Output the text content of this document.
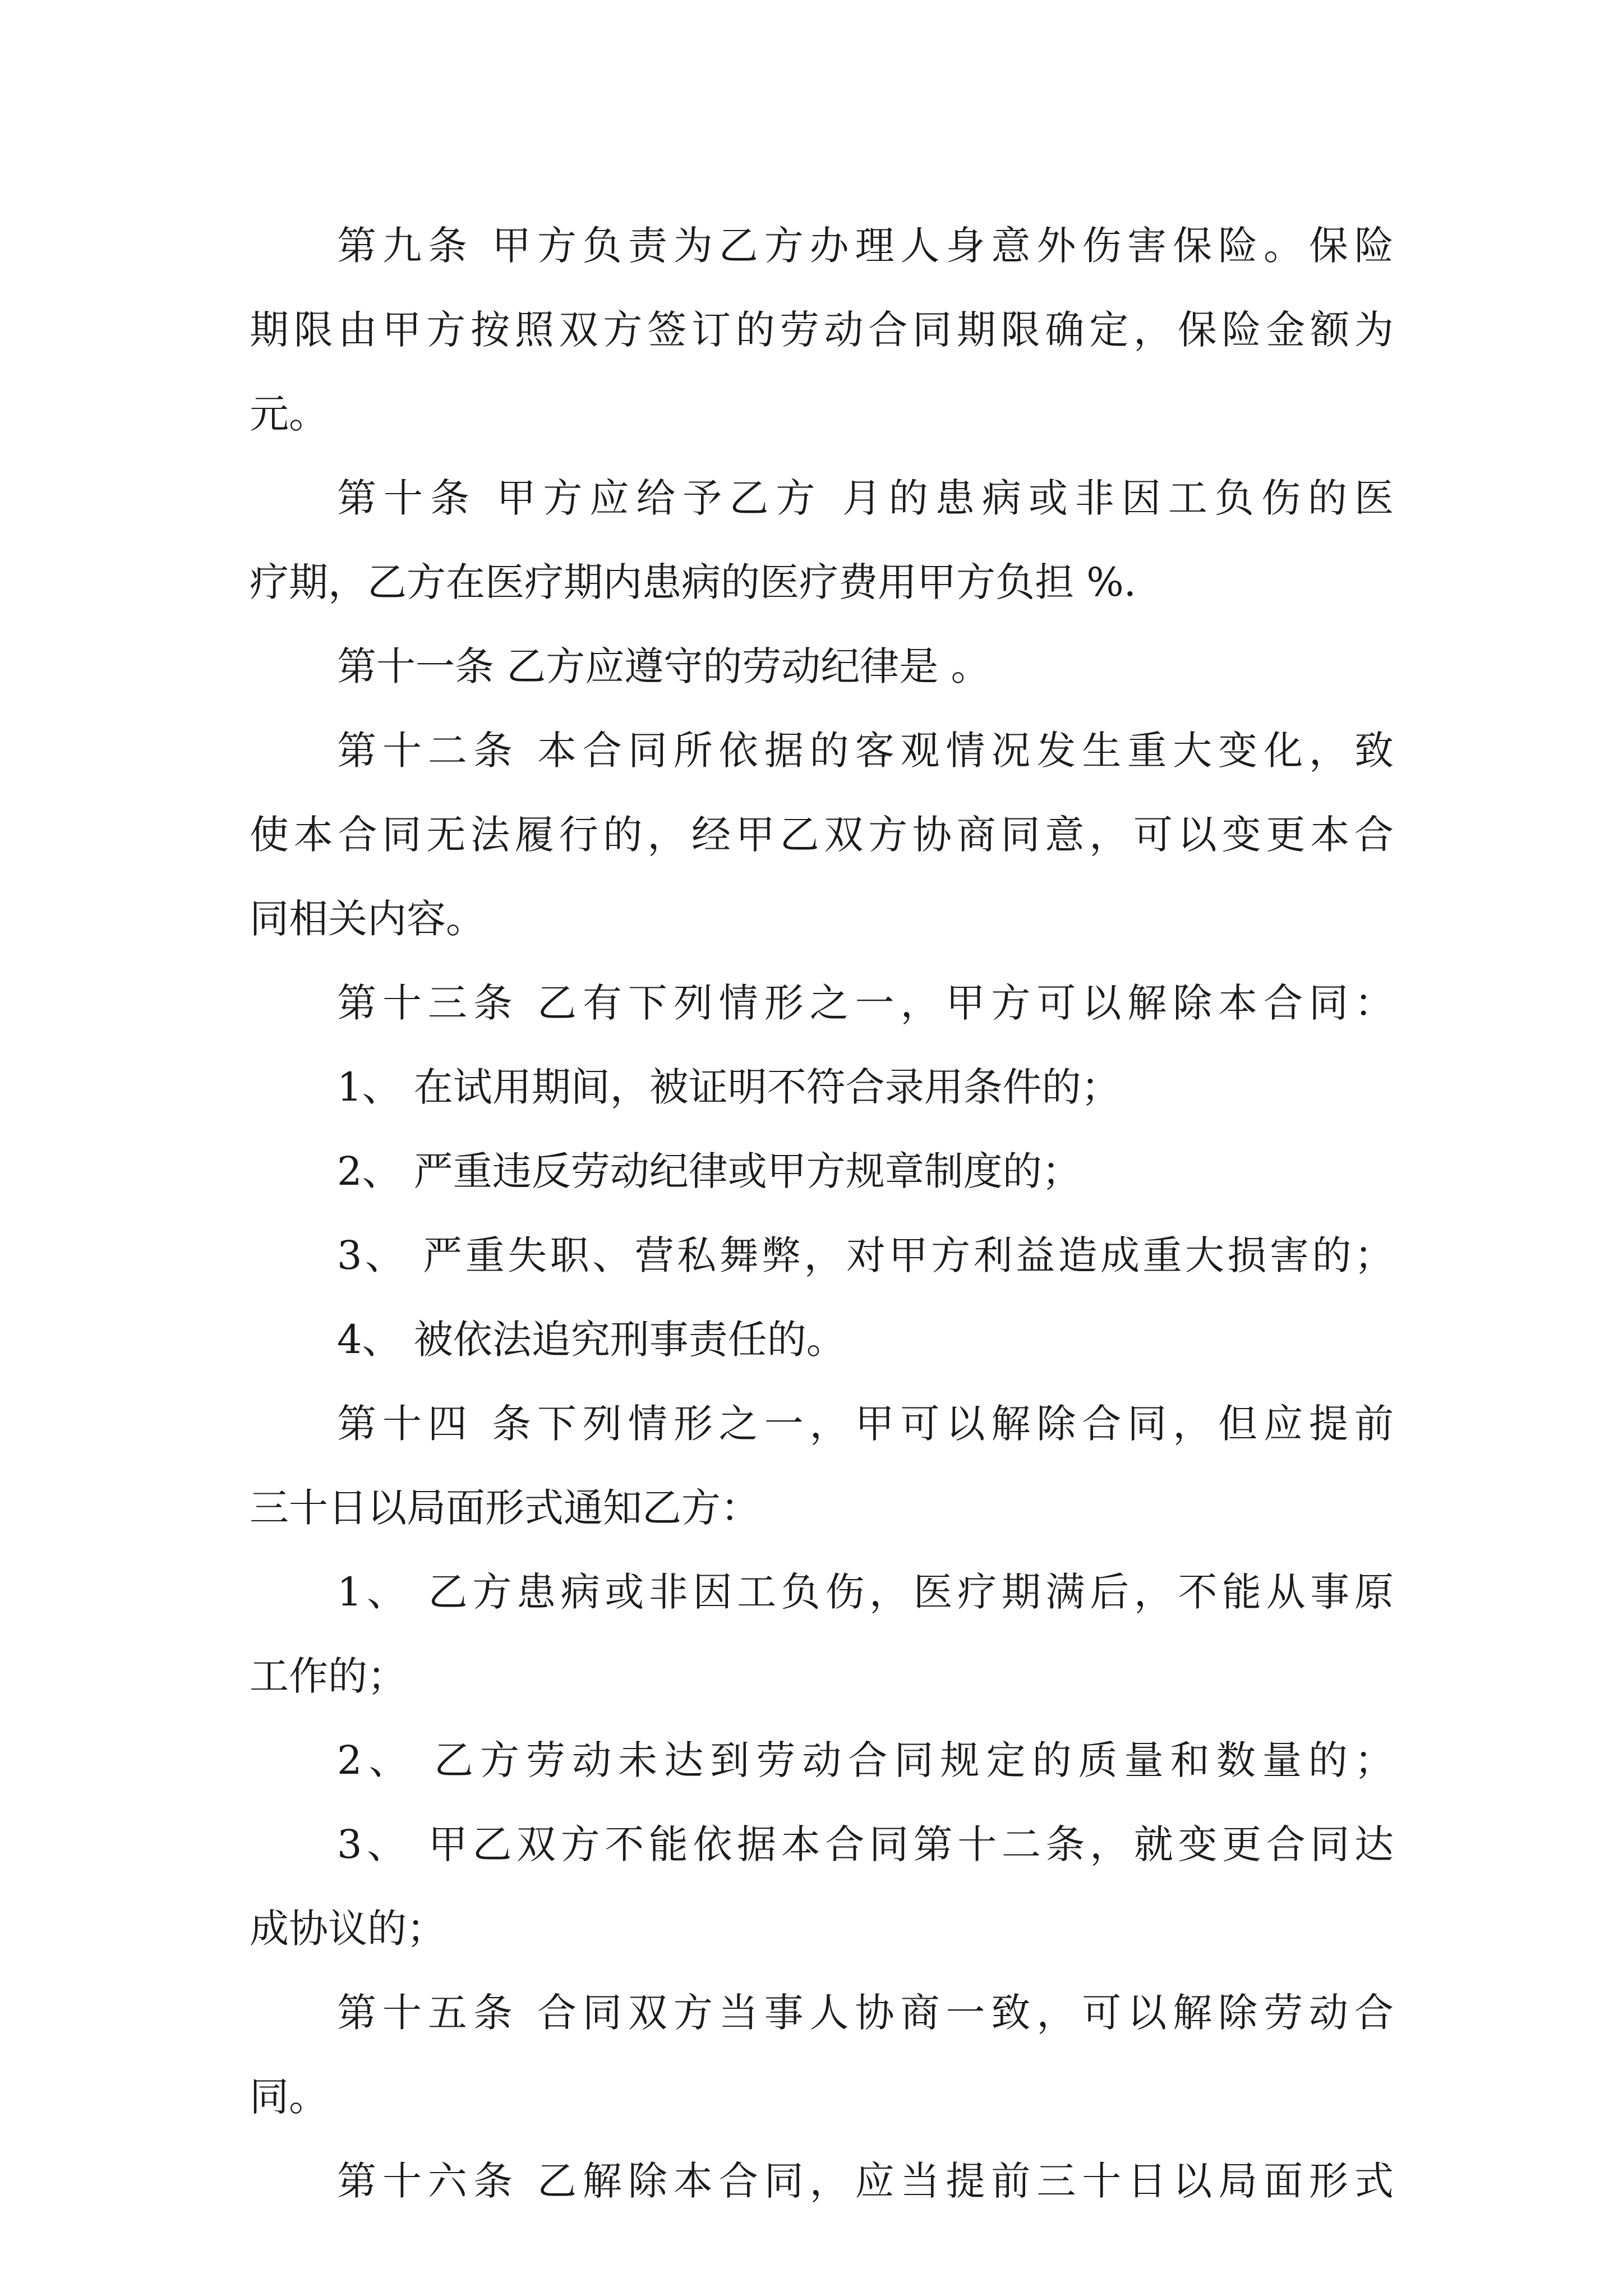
第九条 甲方负责为乙方办理人身意外伤害保险。保险
期限由甲方按照双方签订的劳动合同期限确定，保险金额为
元。
第十条 甲方应给予乙方 月的患病或非因工负伤的医
疗期，乙方在医疗期内患病的医疗费用甲方负担 %.
第十一条 乙方应遵守的劳动纪律是 。
第十二条 本合同所依据的客观情况发生重大变化，致
使本合同无法履行的，经甲乙双方协商同意，可以变更本合
同相关内容。
第十三条 乙有下列情形之一，甲方可以解除本合同：
1、 在试用期间，被证明不符合录用条件的；
2、 严重违反劳动纪律或甲方规章制度的；
3、 严重失职、营私舞弊，对甲方利益造成重大损害的；
4、 被依法追究刑事责任的。
第十四 条下列情形之一，甲可以解除合同，但应提前
三十日以局面形式通知乙方：
1、 乙方患病或非因工负伤，医疗期满后，不能从事原
工作的；
2、 乙方劳动未达到劳动合同规定的质量和数量的；
3、 甲乙双方不能依据本合同第十二条，就变更合同达
成协议的；
第十五条 合同双方当事人协商一致，可以解除劳动合
同。
第十六条 乙解除本合同，应当提前三十日以局面形式
